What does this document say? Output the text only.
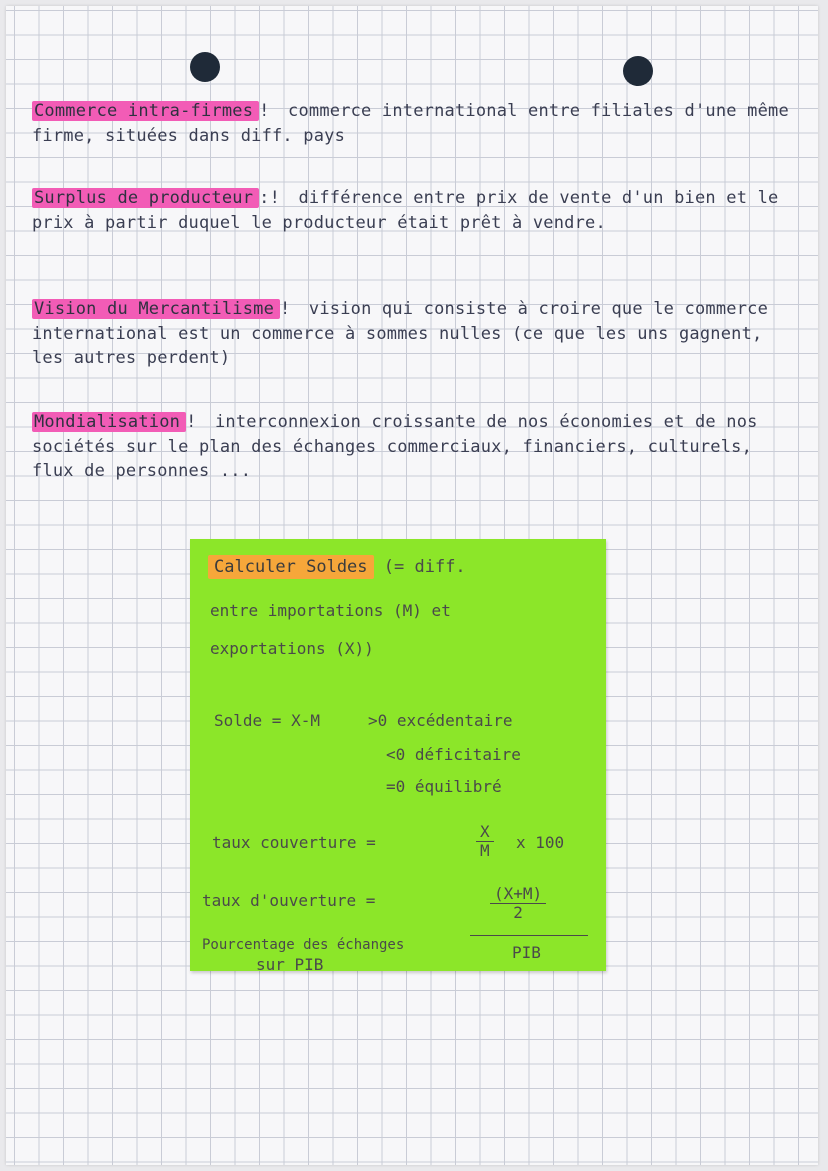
Commerce intra-firmes ! commerce international entre filiales d'une même firme, situées dans diff. pays
Surplus de producteur :! différence entre prix de vente d'un bien et le prix à partir duquel le producteur était prêt à vendre.
Vision du Mercantilisme ! vision qui consiste à croire que le commerce international est un commerce à sommes nulles (ce que les uns gagnent, les autres perdent)
Mondialisation ! interconnexion croissante de nos économies et de nos sociétés sur le plan des échanges commerciaux, financiers, culturels, flux de personnes ...
Calculer Soldes (= diff.
entre importations (M) et
exportations (X))
Solde = X-M	>0 excédentaire
<0 déficitaire
=0 équilibré
taux couverture =	$\frac{X}{M}$ x 100
taux d'ouverture =	$\frac{(X+M)}{2}$
Pourcentage des échanges
sur PIB
PIB
